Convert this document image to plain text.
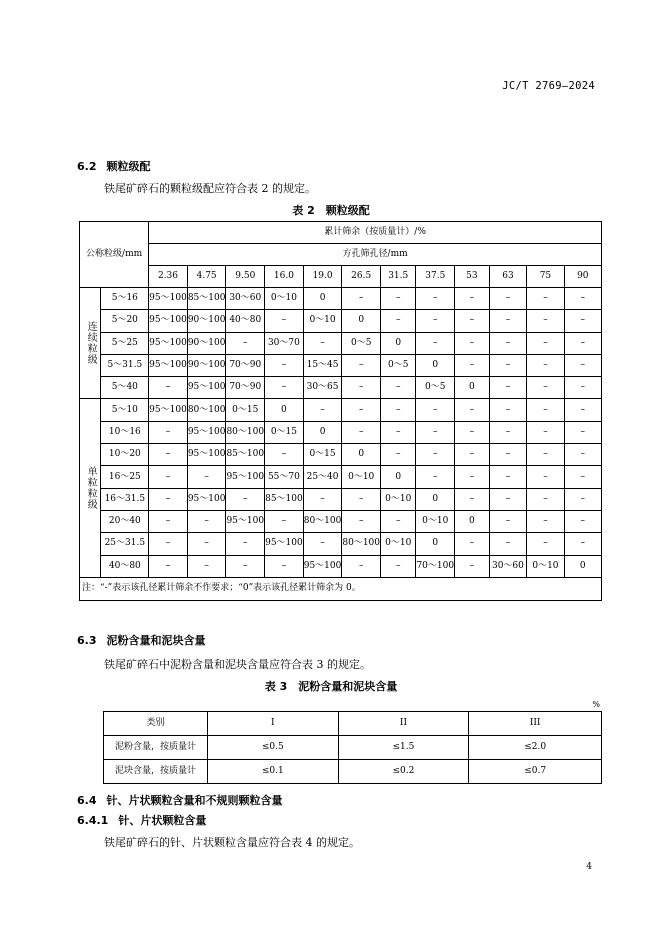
JC/T 2769—2024
6.2 颗粒级配
铁尾矿碎石的颗粒级配应符合表 2 的规定。
表 2　颗粒级配
公称粒级/mm		累计筛余（按质量计）/%											
		方孔筛孔径/mm											
		2.36	4.75	9.50	16.0	19.0	26.5	31.5	37.5	53	63	75	90
连续粒级	5～16	95～100	85～100	30～60	0～10	0	–	–	–	–	–	–	–
	5～20	95～100	90～100	40～80	–	0～10	0	–	–	–	–	–	–
	5～25	95～100	90～100	–	30～70	–	0～5	0	–	–	–	–	–
	5～31.5	95～100	90～100	70～90	–	15～45	–	0～5	0	–	–	–	–
	5～40	–	95～100	70～90	–	30～65	–	–	0～5	0	–	–	–
单粒粒级	5～10	95～100	80～100	0～15	0	–	–	–	–	–	–	–	–
	10～16	–	95～100	80～100	0～15	0	–	–	–	–	–	–	–
	10～20	–	95～100	85～100	–	0～15	0	–	–	–	–	–	–
	16～25	–	–	95～100	55～70	25～40	0～10	0	–	–	–	–	–
	16～31.5	–	95～100	–	85～100	–	–	0～10	0	–	–	–	–
	20～40	–	–	95～100	–	80～100	–	–	0～10	0	–	–	–
	25～31.5	–	–	–	95～100	–	80～100	0～10	0	–	–	–	–
	40～80	–	–	–	–	95～100	–	–	70～100	–	30～60	0～10	0
注：“-”表示该孔径累计筛余不作要求；“0”表示该孔径累计筛余为 0。													
6.3 泥粉含量和泥块含量
铁尾矿碎石中泥粉含量和泥块含量应符合表 3 的规定。
表 3　泥粉含量和泥块含量
%
类别	I	II	III
泥粉含量，按质量计	≤0.5	≤1.5	≤2.0
泥块含量，按质量计	≤0.1	≤0.2	≤0.7
6.4 针、片状颗粒含量和不规则颗粒含量
6.4.1 针、片状颗粒含量
铁尾矿碎石的针、片状颗粒含量应符合表 4 的规定。
4
